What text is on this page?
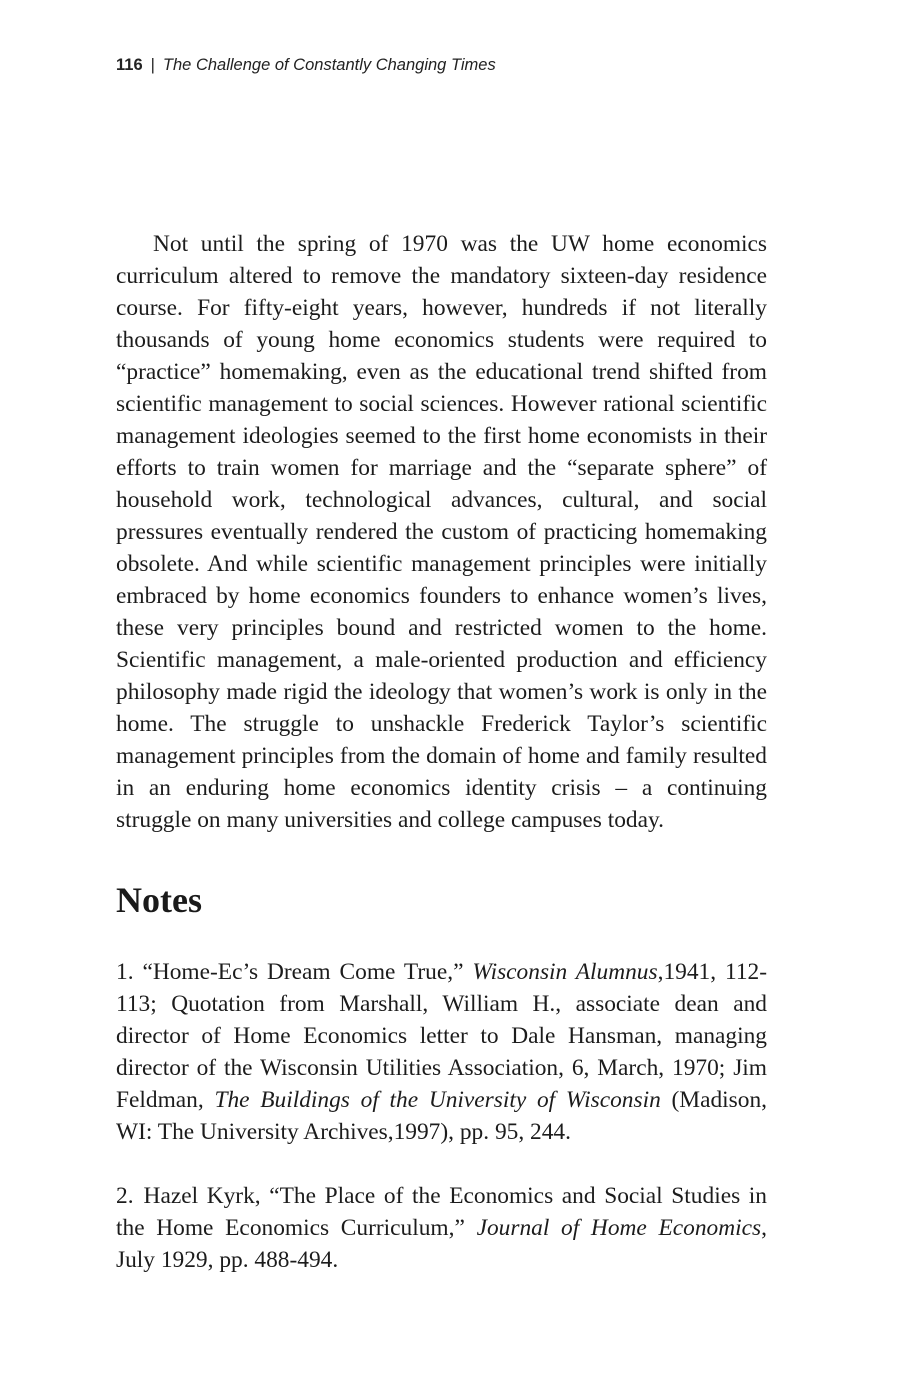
116 | The Challenge of Constantly Changing Times

Not until the spring of 1970 was the UW home economics curriculum altered to remove the mandatory sixteen-day residence course. For fifty-eight years, however, hundreds if not literally thousands of young home economics students were required to “practice” homemaking, even as the educational trend shifted from scientific management to social sciences. However rational scientific management ideologies seemed to the first home economists in their efforts to train women for marriage and the “separate sphere” of household work, technological advances, cultural, and social pressures eventually rendered the custom of practicing homemaking obsolete. And while scientific management principles were initially embraced by home economics founders to enhance women’s lives, these very principles bound and restricted women to the home. Scientific management, a male-oriented production and efficiency philosophy made rigid the ideology that women’s work is only in the home. The struggle to unshackle Frederick Taylor’s scientific management principles from the domain of home and family resulted in an enduring home economics identity crisis – a continuing struggle on many universities and college campuses today.

Notes

1. “Home-Ec’s Dream Come True,” Wisconsin Alumnus,1941, 112-113; Quotation from Marshall, William H., associate dean and director of Home Economics letter to Dale Hansman, managing director of the Wisconsin Utilities Association, 6, March, 1970; Jim Feldman, The Buildings of the University of Wisconsin (Madison, WI: The University Archives,1997), pp. 95, 244.

2. Hazel Kyrk, “The Place of the Economics and Social Studies in the Home Economics Curriculum,” Journal of Home Economics, July 1929, pp. 488-494.
